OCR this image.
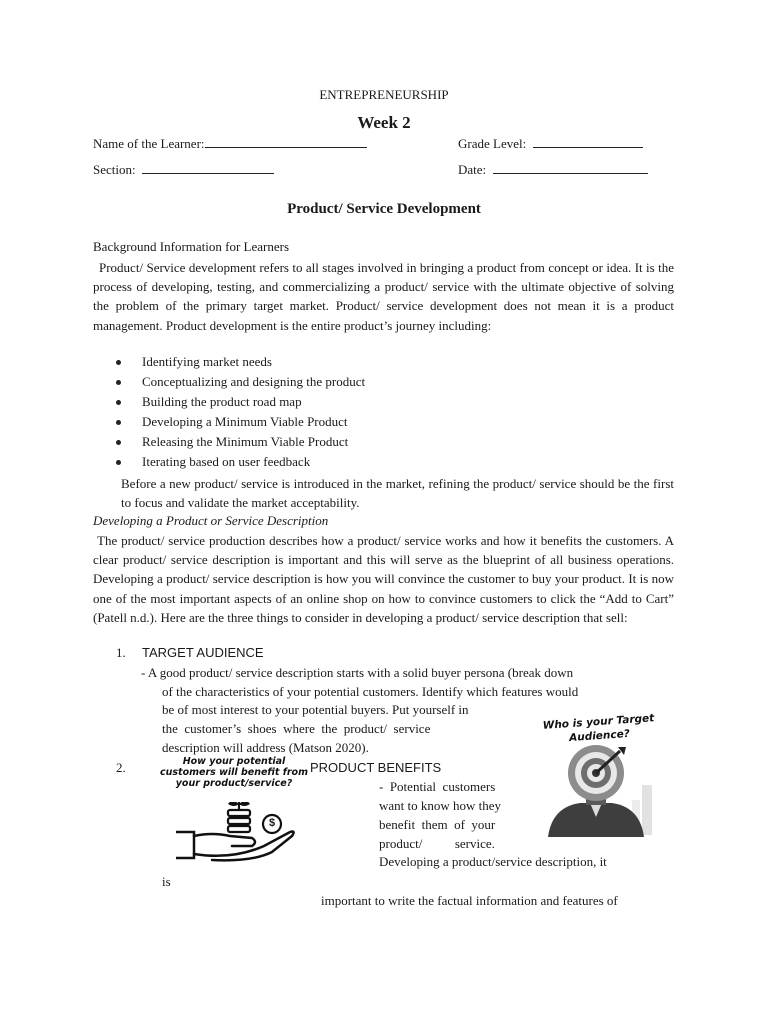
ENTREPRENEURSHIP
Week 2
Name of the Learner:	Grade Level:
Section:	Date:
Product/ Service Development
Background Information for Learners
Product/ Service development refers to all stages involved in bringing a product from concept or idea. It is the process of developing, testing, and commercializing a product/ service with the ultimate objective of solving the problem of the primary target market. Product/ service development does not mean it is a product management. Product development is the entire product’s journey including:
Identifying market needs
Conceptualizing and designing the product
Building the product road map
Developing a Minimum Viable Product
Releasing the Minimum Viable Product
Iterating based on user feedback
Before a new product/ service is introduced in the market, refining the product/ service should be the first to focus and validate the market acceptability.
Developing a Product or Service Description
The product/ service production describes how a product/ service works and how it benefits the customers. A clear product/ service description is important and this will serve as the blueprint of all business operations. Developing a product/ service description is how you will convince the customer to buy your product. It is now one of the most important aspects of an online shop on how to convince customers to click the “Add to Cart” (Patell n.d.). Here are the three things to consider in developing a product/ service description that sell:
1. TARGET AUDIENCE
- A good product/ service description starts with a solid buyer persona (break down
of the characteristics of your potential customers. Identify which features would
be of most interest to your potential buyers. Put yourself in
the  customer’s  shoes  where  the  product/  service
description will address (Matson 2020).
Who is your Target Audience?
2.	PRODUCT BENEFITS
How your potential customers will benefit from your product/service?
$
-  Potential  customers
want to know how they
benefit  them  of  your
product/          service.
Developing a product/service description, it
is
important to write the factual information and features of
